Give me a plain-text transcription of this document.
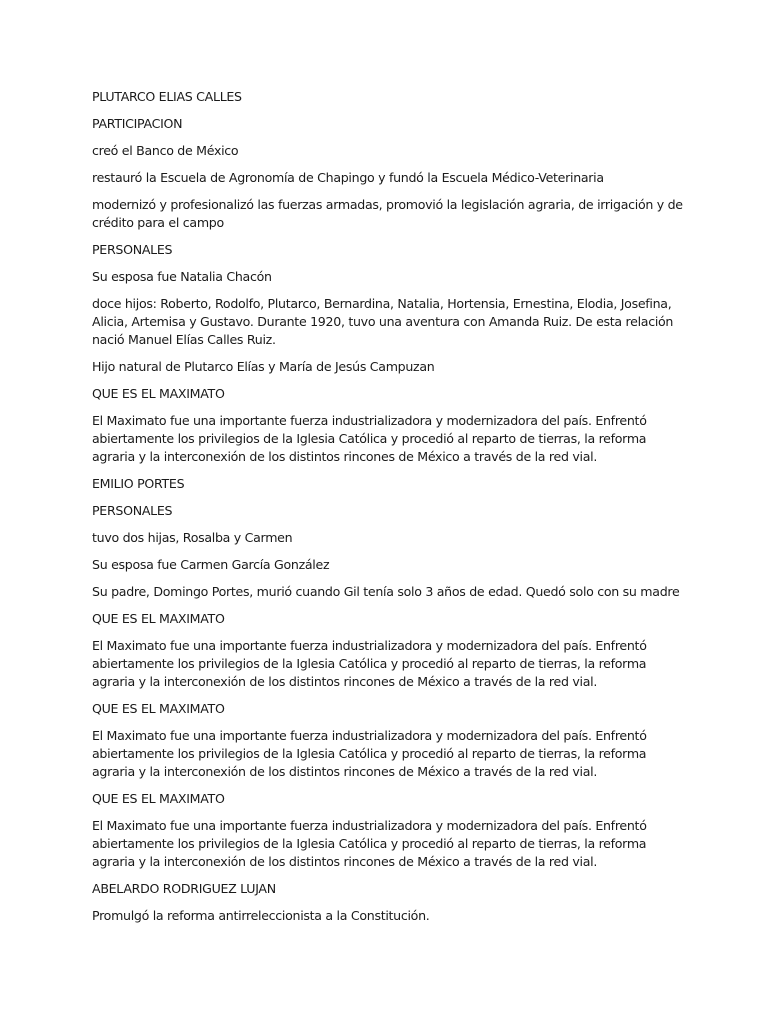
PLUTARCO ELIAS CALLES

PARTICIPACION

creó el Banco de México

restauró la Escuela de Agronomía de Chapingo y fundó la Escuela Médico-Veterinaria

modernizó y profesionalizó las fuerzas armadas, promovió la legislación agraria, de irrigación y de crédito para el campo

PERSONALES

Su esposa fue Natalia Chacón

doce hijos: Roberto, Rodolfo, Plutarco, Bernardina, Natalia, Hortensia, Ernestina, Elodia, Josefina, Alicia, Artemisa y Gustavo. Durante 1920, tuvo una aventura con Amanda Ruiz. De esta relación nació Manuel Elías Calles Ruiz.

Hijo natural de Plutarco Elías y María de Jesús Campuzan

QUE ES EL MAXIMATO

El Maximato fue una importante fuerza industrializadora y modernizadora del país. Enfrentó abiertamente los privilegios de la Iglesia Católica y procedió al reparto de tierras, la reforma agraria y la interconexión de los distintos rincones de México a través de la red vial.

EMILIO PORTES

PERSONALES

tuvo dos hijas, Rosalba y Carmen

Su esposa fue Carmen García González

Su padre, Domingo Portes, murió cuando Gil tenía solo 3 años de edad. Quedó solo con su madre

QUE ES EL MAXIMATO

El Maximato fue una importante fuerza industrializadora y modernizadora del país. Enfrentó abiertamente los privilegios de la Iglesia Católica y procedió al reparto de tierras, la reforma agraria y la interconexión de los distintos rincones de México a través de la red vial.

QUE ES EL MAXIMATO

El Maximato fue una importante fuerza industrializadora y modernizadora del país. Enfrentó abiertamente los privilegios de la Iglesia Católica y procedió al reparto de tierras, la reforma agraria y la interconexión de los distintos rincones de México a través de la red vial.

QUE ES EL MAXIMATO

El Maximato fue una importante fuerza industrializadora y modernizadora del país. Enfrentó abiertamente los privilegios de la Iglesia Católica y procedió al reparto de tierras, la reforma agraria y la interconexión de los distintos rincones de México a través de la red vial.

ABELARDO RODRIGUEZ LUJAN

Promulgó la reforma antirreleccionista a la Constitución.
